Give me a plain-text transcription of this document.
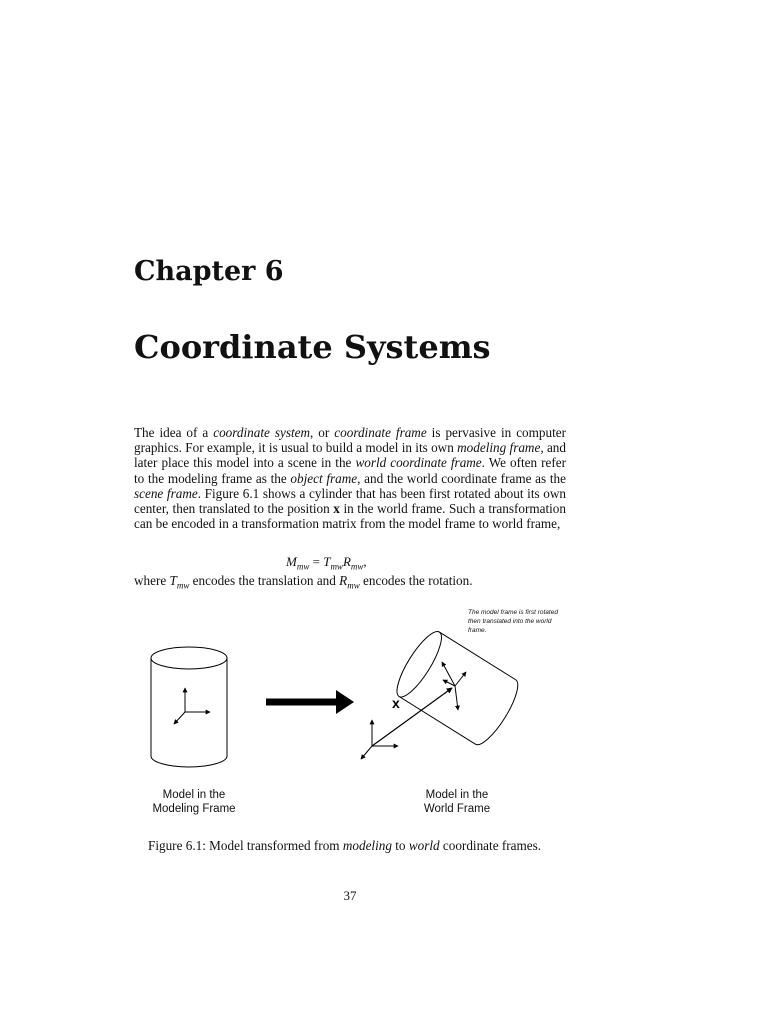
Chapter 6
Coordinate Systems
The idea of a coordinate system, or coordinate frame is pervasive in computer graphics. For example, it is usual to build a model in its own modeling frame, and later place this model into a scene in the world coordinate frame. We often refer to the modeling frame as the object frame, and the world coordinate frame as the scene frame. Figure 6.1 shows a cylinder that has been first rotated about its own center, then translated to the position x in the world frame. Such a transformation can be encoded in a transformation matrix from the model frame to world frame,
$M_{mw} = T_{mw}R_{mw}$,
where $T_{mw}$ encodes the translation and $R_{mw}$ encodes the rotation.
x
The model frame is first rotated then translated into the world frame.
Model in the
Modeling Frame
Model in the
World Frame
Figure 6.1: Model transformed from modeling to world coordinate frames.
37
